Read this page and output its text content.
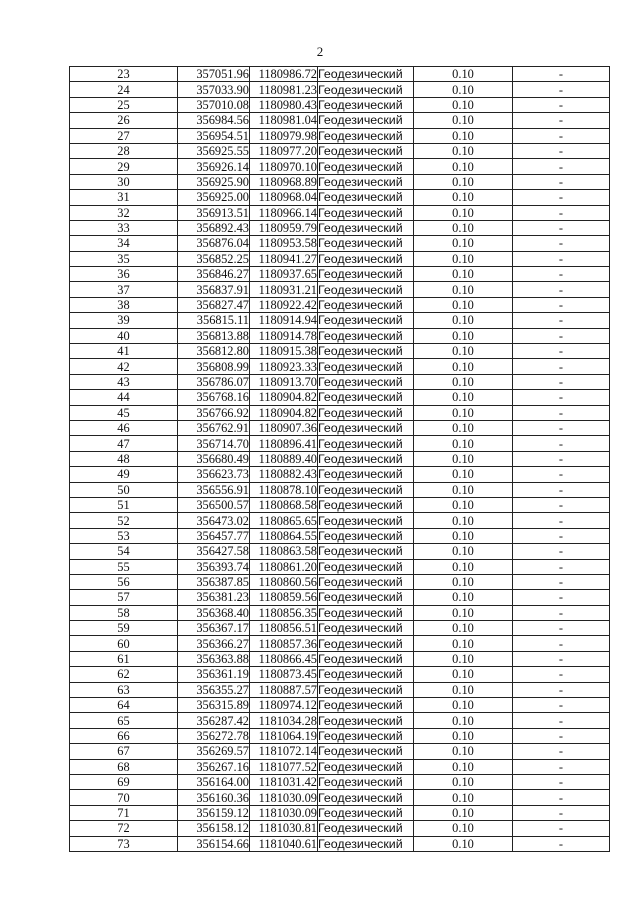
2
23	357051.96	1180986.72	Геодезический	0.10	-
24	357033.90	1180981.23	Геодезический	0.10	-
25	357010.08	1180980.43	Геодезический	0.10	-
26	356984.56	1180981.04	Геодезический	0.10	-
27	356954.51	1180979.98	Геодезический	0.10	-
28	356925.55	1180977.20	Геодезический	0.10	-
29	356926.14	1180970.10	Геодезический	0.10	-
30	356925.90	1180968.89	Геодезический	0.10	-
31	356925.00	1180968.04	Геодезический	0.10	-
32	356913.51	1180966.14	Геодезический	0.10	-
33	356892.43	1180959.79	Геодезический	0.10	-
34	356876.04	1180953.58	Геодезический	0.10	-
35	356852.25	1180941.27	Геодезический	0.10	-
36	356846.27	1180937.65	Геодезический	0.10	-
37	356837.91	1180931.21	Геодезический	0.10	-
38	356827.47	1180922.42	Геодезический	0.10	-
39	356815.11	1180914.94	Геодезический	0.10	-
40	356813.88	1180914.78	Геодезический	0.10	-
41	356812.80	1180915.38	Геодезический	0.10	-
42	356808.99	1180923.33	Геодезический	0.10	-
43	356786.07	1180913.70	Геодезический	0.10	-
44	356768.16	1180904.82	Геодезический	0.10	-
45	356766.92	1180904.82	Геодезический	0.10	-
46	356762.91	1180907.36	Геодезический	0.10	-
47	356714.70	1180896.41	Геодезический	0.10	-
48	356680.49	1180889.40	Геодезический	0.10	-
49	356623.73	1180882.43	Геодезический	0.10	-
50	356556.91	1180878.10	Геодезический	0.10	-
51	356500.57	1180868.58	Геодезический	0.10	-
52	356473.02	1180865.65	Геодезический	0.10	-
53	356457.77	1180864.55	Геодезический	0.10	-
54	356427.58	1180863.58	Геодезический	0.10	-
55	356393.74	1180861.20	Геодезический	0.10	-
56	356387.85	1180860.56	Геодезический	0.10	-
57	356381.23	1180859.56	Геодезический	0.10	-
58	356368.40	1180856.35	Геодезический	0.10	-
59	356367.17	1180856.51	Геодезический	0.10	-
60	356366.27	1180857.36	Геодезический	0.10	-
61	356363.88	1180866.45	Геодезический	0.10	-
62	356361.19	1180873.45	Геодезический	0.10	-
63	356355.27	1180887.57	Геодезический	0.10	-
64	356315.89	1180974.12	Геодезический	0.10	-
65	356287.42	1181034.28	Геодезический	0.10	-
66	356272.78	1181064.19	Геодезический	0.10	-
67	356269.57	1181072.14	Геодезический	0.10	-
68	356267.16	1181077.52	Геодезический	0.10	-
69	356164.00	1181031.42	Геодезический	0.10	-
70	356160.36	1181030.09	Геодезический	0.10	-
71	356159.12	1181030.09	Геодезический	0.10	-
72	356158.12	1181030.81	Геодезический	0.10	-
73	356154.66	1181040.61	Геодезический	0.10	-
